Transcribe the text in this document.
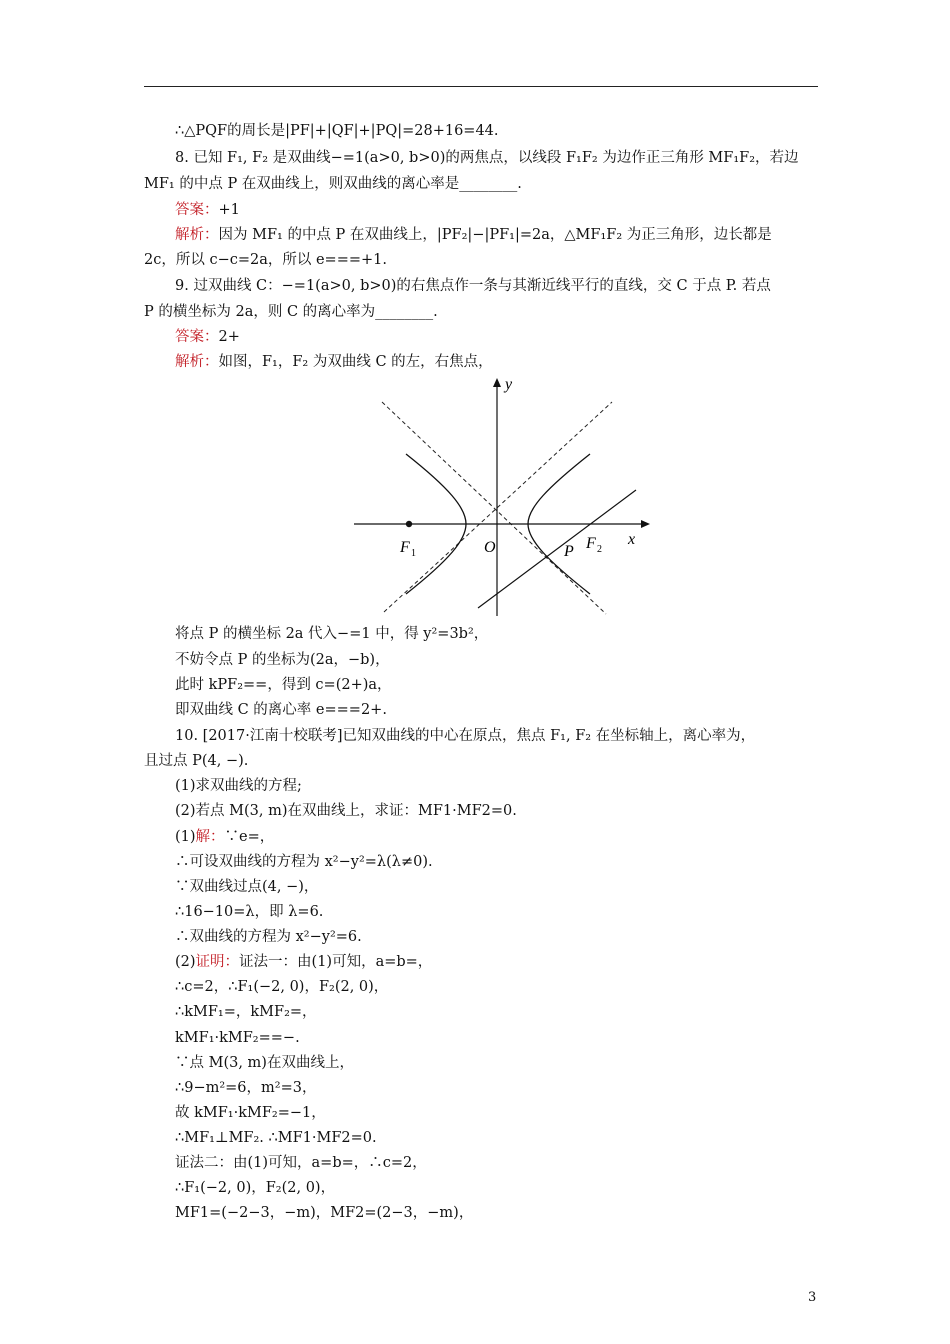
∴△PQF的周长是|PF|+|QF|+|PQ|=28+16=44.
8. 已知 F₁, F₂ 是双曲线−=1(a>0, b>0)的两焦点，以线段 F₁F₂ 为边作正三角形 MF₁F₂，若边
MF₁ 的中点 P 在双曲线上，则双曲线的离心率是________.
答案：+1
解析：因为 MF₁ 的中点 P 在双曲线上，|PF₂|−|PF₁|=2a，△MF₁F₂ 为正三角形，边长都是
2c，所以 c−c=2a，所以 e===+1.
9. 过双曲线 C：−=1(a>0, b>0)的右焦点作一条与其渐近线平行的直线，交 C 于点 P. 若点
P 的横坐标为 2a，则 C 的离心率为________.
答案：2+
解析：如图，F₁，F₂ 为双曲线 C 的左，右焦点，
y
x
O
F 1
F 2
P
将点 P 的横坐标 2a 代入−=1 中，得 y²=3b²，
不妨令点 P 的坐标为(2a，−b)，
此时 kPF₂==，得到 c=(2+)a，
即双曲线 C 的离心率 e===2+.
10. [2017·江南十校联考]已知双曲线的中心在原点，焦点 F₁, F₂ 在坐标轴上，离心率为，
且过点 P(4, −).
(1)求双曲线的方程;
(2)若点 M(3, m)在双曲线上，求证：MF1·MF2=0.
(1)解：∵e=，
∴可设双曲线的方程为 x²−y²=λ(λ≠0).
∵双曲线过点(4, −)，
∴16−10=λ，即 λ=6.
∴双曲线的方程为 x²−y²=6.
(2)证明：证法一：由(1)可知，a=b=，
∴c=2，∴F₁(−2, 0)，F₂(2, 0)，
∴kMF₁=，kMF₂=，
kMF₁·kMF₂==−.
∵点 M(3, m)在双曲线上，
∴9−m²=6，m²=3，
故 kMF₁·kMF₂=−1，
∴MF₁⊥MF₂. ∴MF1·MF2=0.
证法二：由(1)可知，a=b=，∴c=2，
∴F₁(−2, 0)，F₂(2, 0)，
MF1=(−2−3，−m)，MF2=(2−3，−m)，
3
